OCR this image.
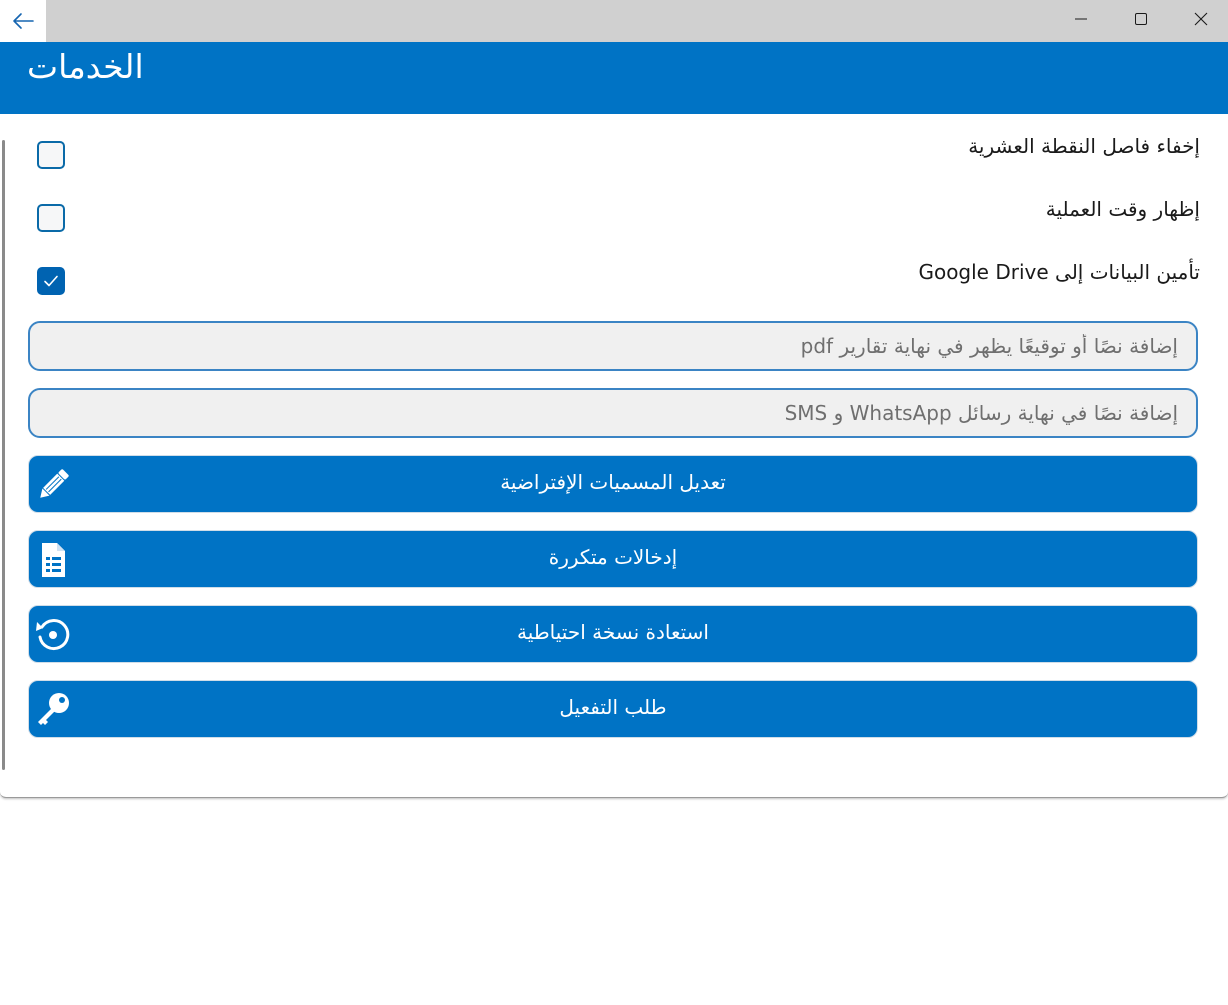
الخدمات
إخفاء فاصل النقطة العشرية
إظهار وقت العملية
تأمين البيانات إلى Google Drive
إضافة نصًا أو توقيعًا يظهر في نهاية تقارير pdf
إضافة نصًا في نهاية رسائل WhatsApp و SMS
تعديل المسميات الإفتراضية
إدخالات متكررة
استعادة نسخة احتياطية
طلب التفعيل
